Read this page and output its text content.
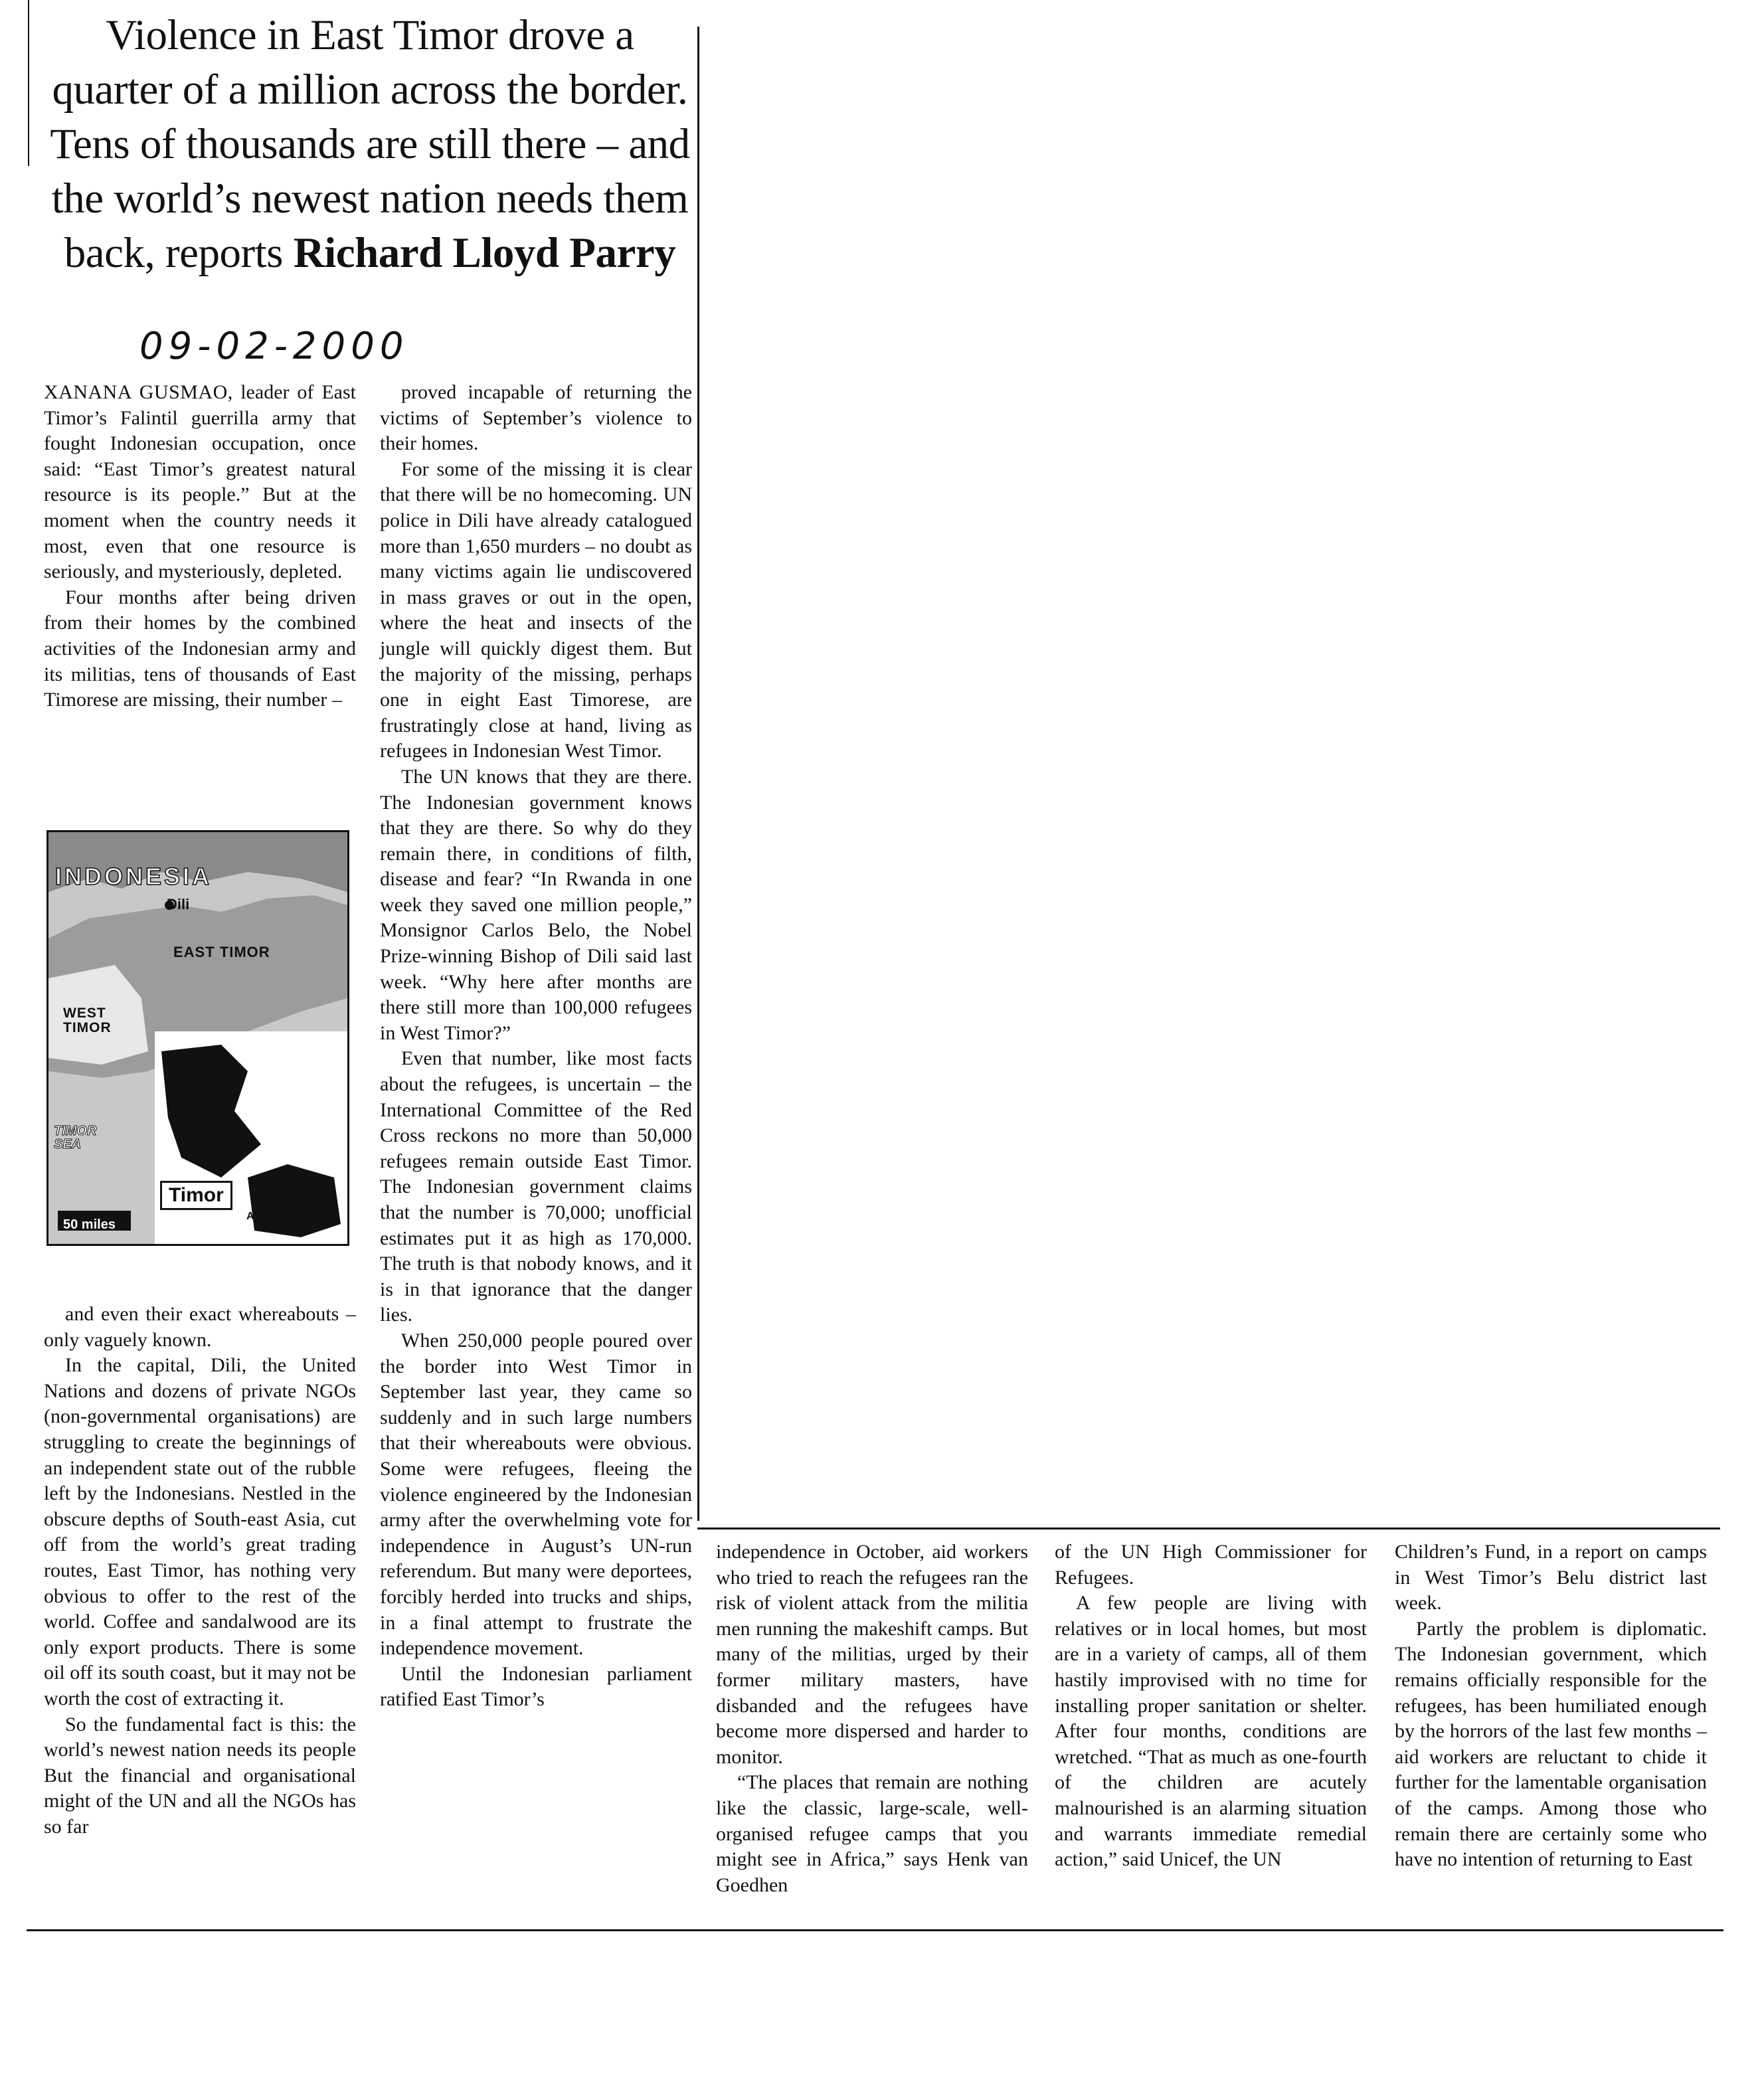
Violence in East Timor drove a quarter of a million across the border. Tens of thousands are still there – and the world’s newest nation needs them back, reports Richard Lloyd Parry
09-02-2000

XANANA GUSMAO, leader of East Timor’s Falintil guerrilla army that fought Indonesian occupation, once said: “East Timor’s greatest natural resource is its people.” But at the moment when the country needs it most, even that one resource is seriously, and mysteriously, depleted.

Four months after being driven from their homes by the combined activities of the Indonesian army and its militias, tens of thousands of East Timorese are missing, their number –

INDONESIA
Dili
EAST TIMOR
WEST TIMOR
TIMOR SEA
Timor
AUSTRALIA
50 miles

and even their exact whereabouts – only vaguely known.

In the capital, Dili, the United Nations and dozens of private NGOs (non-governmental organisations) are struggling to create the beginnings of an independent state out of the rubble left by the Indonesians. Nestled in the obscure depths of South-east Asia, cut off from the world’s great trading routes, East Timor, has nothing very obvious to offer to the rest of the world. Coffee and sandalwood are its only export products. There is some oil off its south coast, but it may not be worth the cost of extracting it.

So the fundamental fact is this: the world’s newest nation needs its people But the financial and organisational might of the UN and all the NGOs has so far

proved incapable of returning the victims of September’s violence to their homes.

For some of the missing it is clear that there will be no homecoming. UN police in Dili have already catalogued more than 1,650 murders – no doubt as many victims again lie undiscovered in mass graves or out in the open, where the heat and insects of the jungle will quickly digest them. But the majority of the missing, perhaps one in eight East Timorese, are frustratingly close at hand, living as refugees in Indonesian West Timor.

The UN knows that they are there. The Indonesian government knows that they are there. So why do they remain there, in conditions of filth, disease and fear? “In Rwanda in one week they saved one million people,” Monsignor Carlos Belo, the Nobel Prize-winning Bishop of Dili said last week. “Why here after months are there still more than 100,000 refugees in West Timor?”

Even that number, like most facts about the refugees, is uncertain – the International Committee of the Red Cross reckons no more than 50,000 refugees remain outside East Timor. The Indonesian government claims that the number is 70,000; unofficial estimates put it as high as 170,000. The truth is that nobody knows, and it is in that ignorance that the danger lies.

When 250,000 people poured over the border into West Timor in September last year, they came so suddenly and in such large numbers that their whereabouts were obvious. Some were refugees, fleeing the violence engineered by the Indonesian army after the overwhelming vote for independence in August’s UN-run referendum. But many were deportees, forcibly herded into trucks and ships, in a final attempt to frustrate the independence movement.

Until the Indonesian parliament ratified East Timor’s

independence in October, aid workers who tried to reach the refugees ran the risk of violent attack from the militia men running the makeshift camps. But many of the militias, urged by their former military masters, have disbanded and the refugees have become more dispersed and harder to monitor.

“The places that remain are nothing like the classic, large-scale, well-organised refugee camps that you might see in Africa,” says Henk van Goedhen

of the UN High Commissioner for Refugees.

A few people are living with relatives or in local homes, but most are in a variety of camps, all of them hastily improvised with no time for installing proper sanitation or shelter. After four months, conditions are wretched. “That as much as one-fourth of the children are acutely malnourished is an alarming situation and warrants immediate remedial action,” said Unicef, the UN

Children’s Fund, in a report on camps in West Timor’s Belu district last week.

Partly the problem is diplomatic. The Indonesian government, which remains officially responsible for the refugees, has been humiliated enough by the horrors of the last few months – aid workers are reluctant to chide it further for the lamentable organisation of the camps. Among those who remain there are certainly some who have no intention of returning to East
